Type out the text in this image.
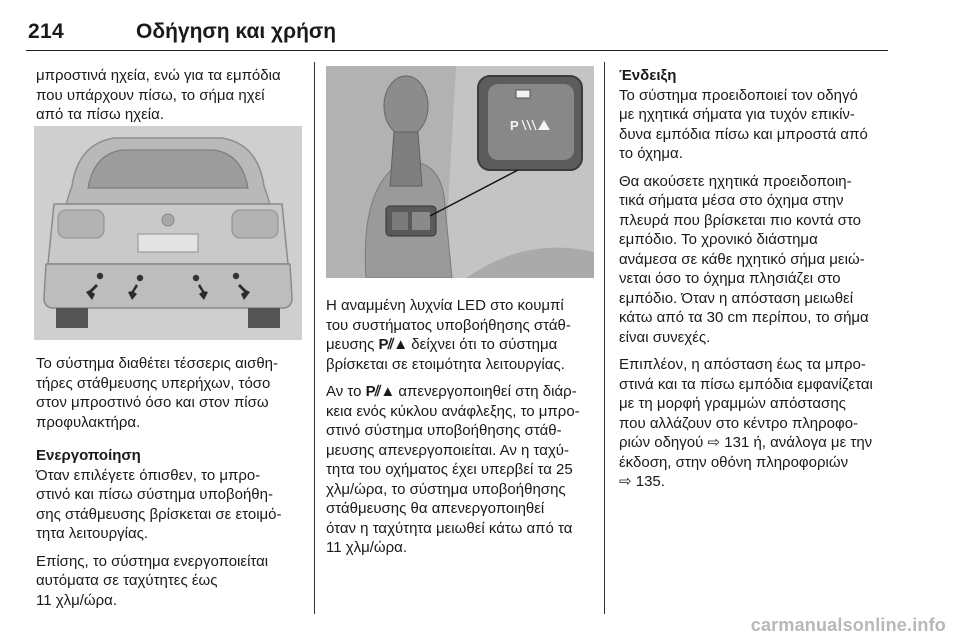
214	Οδήγηση και χρήση

μπροστινά ηχεία, ενώ για τα εμπόδια

που υπάρχουν πίσω, το σήμα ηχεί

από τα πίσω ηχεία.

Το σύστημα διαθέτει τέσσερις αισθη-

τήρες στάθμευσης υπερήχων, τόσο

στον μπροστινό όσο και στον πίσω

προφυλακτήρα.

Ενεργοποίηση

Όταν επιλέγετε όπισθεν, το μπρο-

στινό και πίσω σύστημα υποβοήθη-

σης στάθμευσης βρίσκεται σε ετοιμό-

τητα λειτουργίας.

Επίσης, το σύστημα ενεργοποιείται

αυτόματα σε ταχύτητες έως

11 χλμ/ώρα.

P

Η αναμμένη λυχνία LED στο κουμπί

του συστήματος υποβοήθησης στάθ-

μευσης P⫽▲ δείχνει ότι το σύστημα

βρίσκεται σε ετοιμότητα λειτουργίας.

Αν το P⫽▲ απενεργοποιηθεί στη διάρ-

κεια ενός κύκλου ανάφλεξης, το μπρο-

στινό σύστημα υποβοήθησης στάθ-

μευσης απενεργοποιείται. Αν η ταχύ-

τητα του οχήματος έχει υπερβεί τα 25

χλμ/ώρα, το σύστημα υποβοήθησης

στάθμευσης θα απενεργοποιηθεί

όταν η ταχύτητα μειωθεί κάτω από τα

11 χλμ/ώρα.

Ένδειξη

Το σύστημα προειδοποιεί τον οδηγό

με ηχητικά σήματα για τυχόν επικίν-

δυνα εμπόδια πίσω και μπροστά από

το όχημα.

Θα ακούσετε ηχητικά προειδοποιη-

τικά σήματα μέσα στο όχημα στην

πλευρά που βρίσκεται πιο κοντά στο

εμπόδιο. Το χρονικό διάστημα

ανάμεσα σε κάθε ηχητικό σήμα μειώ-

νεται όσο το όχημα πλησιάζει στο

εμπόδιο. Όταν η απόσταση μειωθεί

κάτω από τα 30 cm περίπου, το σήμα

είναι συνεχές.

Επιπλέον, η απόσταση έως τα μπρο-

στινά και τα πίσω εμπόδια εμφανίζεται

με τη μορφή γραμμών απόστασης

που αλλάζουν στο κέντρο πληροφο-

ριών οδηγού ⇨ 131 ή, ανάλογα με την

έκδοση, στην οθόνη πληροφοριών

⇨ 135.

carmanualsonline.info
